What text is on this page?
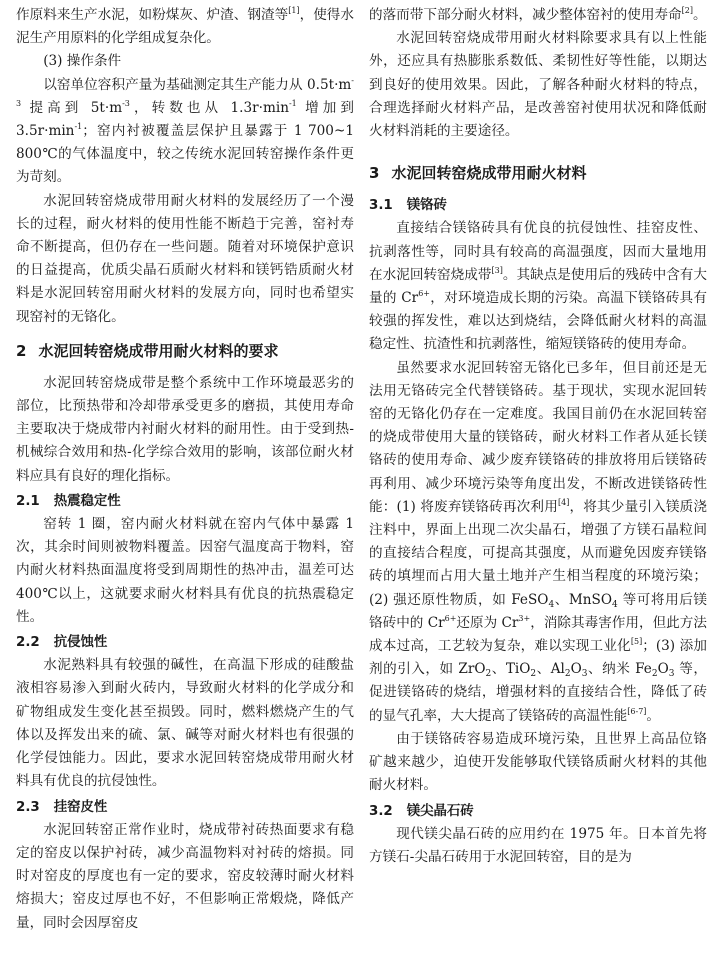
作原料来生产水泥，如粉煤灰、炉渣、钢渣等[1]，使得水泥生产用原料的化学组成复杂化。

(3) 操作条件

以窑单位容积产量为基础测定其生产能力从 $0.5t\cdot m^{-3}$ 提高到 $5t\cdot m^{-3}$，转数也从 $1.3r\cdot\min^{-1}$ 增加到 $3.5r\cdot\min^{-1}$；窑内衬被覆盖层保护且暴露于 1 700~1 800℃的气体温度中，较之传统水泥回转窑操作条件更为苛刻。

水泥回转窑烧成带用耐火材料的发展经历了一个漫长的过程，耐火材料的使用性能不断趋于完善，窑衬寿命不断提高，但仍存在一些问题。随着对环境保护意识的日益提高，优质尖晶石质耐火材料和镁钙锆质耐火材料是水泥回转窑用耐火材料的发展方向，同时也希望实现窑衬的无铬化。

2 水泥回转窑烧成带用耐火材料的要求

水泥回转窑烧成带是整个系统中工作环境最恶劣的部位，比预热带和冷却带承受更多的磨损，其使用寿命主要取决于烧成带内衬耐火材料的耐用性。由于受到热-机械综合效用和热-化学综合效用的影响，该部位耐火材料应具有良好的理化指标。

2.1 热震稳定性

窑转 1 圈，窑内耐火材料就在窑内气体中暴露 1 次，其余时间则被物料覆盖。因窑气温度高于物料，窑内耐火材料热面温度将受到周期性的热冲击，温差可达 400℃以上，这就要求耐火材料具有优良的抗热震稳定性。

2.2 抗侵蚀性

水泥熟料具有较强的碱性，在高温下形成的硅酸盐液相容易渗入到耐火砖内，导致耐火材料的化学成分和矿物组成发生变化甚至损毁。同时，燃料燃烧产生的气体以及挥发出来的硫、氯、碱等对耐火材料也有很强的化学侵蚀能力。因此，要求水泥回转窑烧成带用耐火材料具有优良的抗侵蚀性。

2.3 挂窑皮性

水泥回转窑正常作业时，烧成带衬砖热面要求有稳定的窑皮以保护衬砖，减少高温物料对衬砖的熔损。同时对窑皮的厚度也有一定的要求，窑皮较薄时耐火材料熔损大；窑皮过厚也不好，不但影响正常煅烧，降低产量，同时会因厚窑皮

的落而带下部分耐火材料，减少整体窑衬的使用寿命[2]。

水泥回转窑烧成带用耐火材料除要求具有以上性能外，还应具有热膨胀系数低、柔韧性好等性能，以期达到良好的使用效果。因此，了解各种耐火材料的特点，合理选择耐火材料产品，是改善窑衬使用状况和降低耐火材料消耗的主要途径。

3 水泥回转窑烧成带用耐火材料
3.1 镁铬砖

直接结合镁铬砖具有优良的抗侵蚀性、挂窑皮性、抗剥落性等，同时具有较高的高温强度，因而大量地用在水泥回转窑烧成带[3]。其缺点是使用后的残砖中含有大量的 $Cr^{6+}$，对环境造成长期的污染。高温下镁铬砖具有较强的挥发性，难以达到烧结，会降低耐火材料的高温稳定性、抗渣性和抗剥落性，缩短镁铬砖的使用寿命。

虽然要求水泥回转窑无铬化已多年，但目前还是无法用无铬砖完全代替镁铬砖。基于现状，实现水泥回转窑的无铬化仍存在一定难度。我国目前仍在水泥回转窑的烧成带使用大量的镁铬砖，耐火材料工作者从延长镁铬砖的使用寿命、减少废弃镁铬砖的排放将用后镁铬砖再利用、减少环境污染等角度出发，不断改进镁铬砖性能：(1) 将废弃镁铬砖再次利用[4]，将其少量引入镁质浇注料中，界面上出现二次尖晶石，增强了方镁石晶粒间的直接结合程度，可提高其强度，从而避免因废弃镁铬砖的填埋而占用大量土地并产生相当程度的环境污染；(2) 强还原性物质，如 FeSO$_4$、MnSO$_4$ 等可将用后镁铬砖中的 $Cr^{6+}$还原为 $Cr^{3+}$，消除其毒害作用，但此方法成本过高，工艺较为复杂，难以实现工业化[5]；(3) 添加剂的引入，如 ZrO$_2$、TiO$_2$、$Al_2O_3$、纳米 $Fe_2O_3$ 等，促进镁铬砖的烧结，增强材料的直接结合性，降低了砖的显气孔率，大大提高了镁铬砖的高温性能[6-7]。

由于镁铬砖容易造成环境污染，且世界上高品位铬矿越来越少，迫使开发能够取代镁铬质耐火材料的其他耐火材料。

3.2 镁尖晶石砖

现代镁尖晶石砖的应用约在 1975 年。日本首先将方镁石-尖晶石砖用于水泥回转窑，目的是为
